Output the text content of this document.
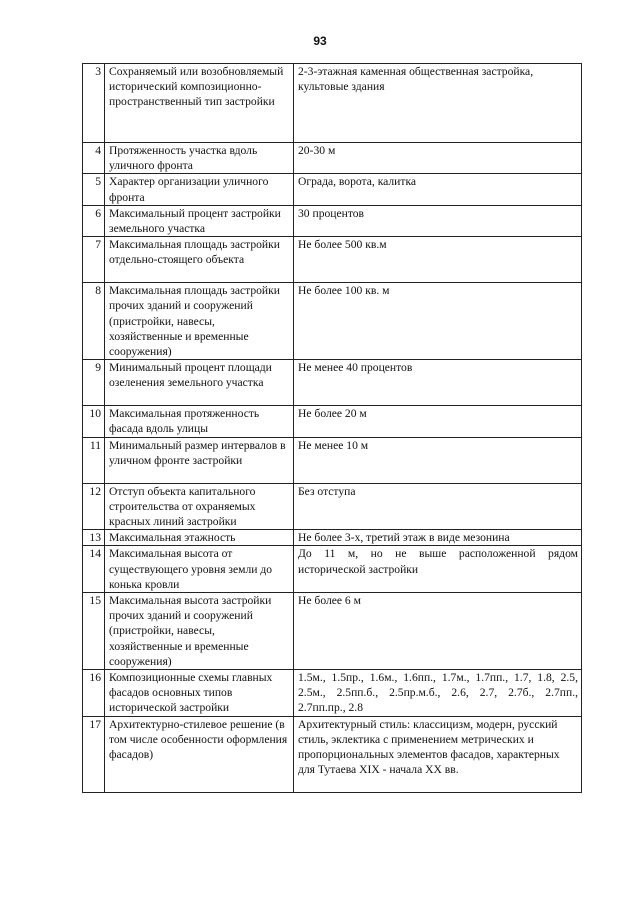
93
3	Сохраняемый или возобновляемый исторический композиционно-пространственный тип застройки	2-3-этажная каменная общественная застройка, культовые здания
4	Протяженность участка вдоль уличного фронта	20-30 м
5	Характер организации уличного фронта	Ограда, ворота, калитка
6	Максимальный процент застройки земельного участка	30 процентов
7	Максимальная площадь застройки отдельно-стоящего объекта	Не более 500 кв.м
8	Максимальная площадь застройки прочих зданий и сооружений (пристройки, навесы, хозяйственные и временные сооружения)	Не более 100 кв. м
9	Минимальный процент площади озеленения земельного участка	Не менее 40 процентов
10	Максимальная протяженность фасада вдоль улицы	Не более 20 м
11	Минимальный размер интервалов в уличном фронте застройки	Не менее 10 м
12	Отступ объекта капитального строительства от охраняемых красных линий застройки	Без отступа
13	Максимальная этажность	Не более 3-х, третий этаж в виде мезонина
14	Максимальная высота от существующего уровня земли до конька кровли	До 11 м, но не выше расположенной рядом исторической застройки
15	Максимальная высота застройки прочих зданий и сооружений (пристройки, навесы, хозяйственные и временные сооружения)	Не более 6 м
16	Композиционные схемы главных фасадов основных типов исторической застройки	1.5м., 1.5пр., 1.6м., 1.6пп., 1.7м., 1.7пп., 1.7, 1.8, 2.5, 2.5м., 2.5пп.б., 2.5пр.м.б., 2.6, 2.7, 2.7б., 2.7пп., 2.7пп.пр., 2.8
17	Архитектурно-стилевое решение (в том числе особенности оформления фасадов)	Архитектурный стиль: классицизм, модерн, русский стиль, эклектика с применением метрических и пропорциональных элементов фасадов, характерных для Тутаева XIX - начала XX вв.
